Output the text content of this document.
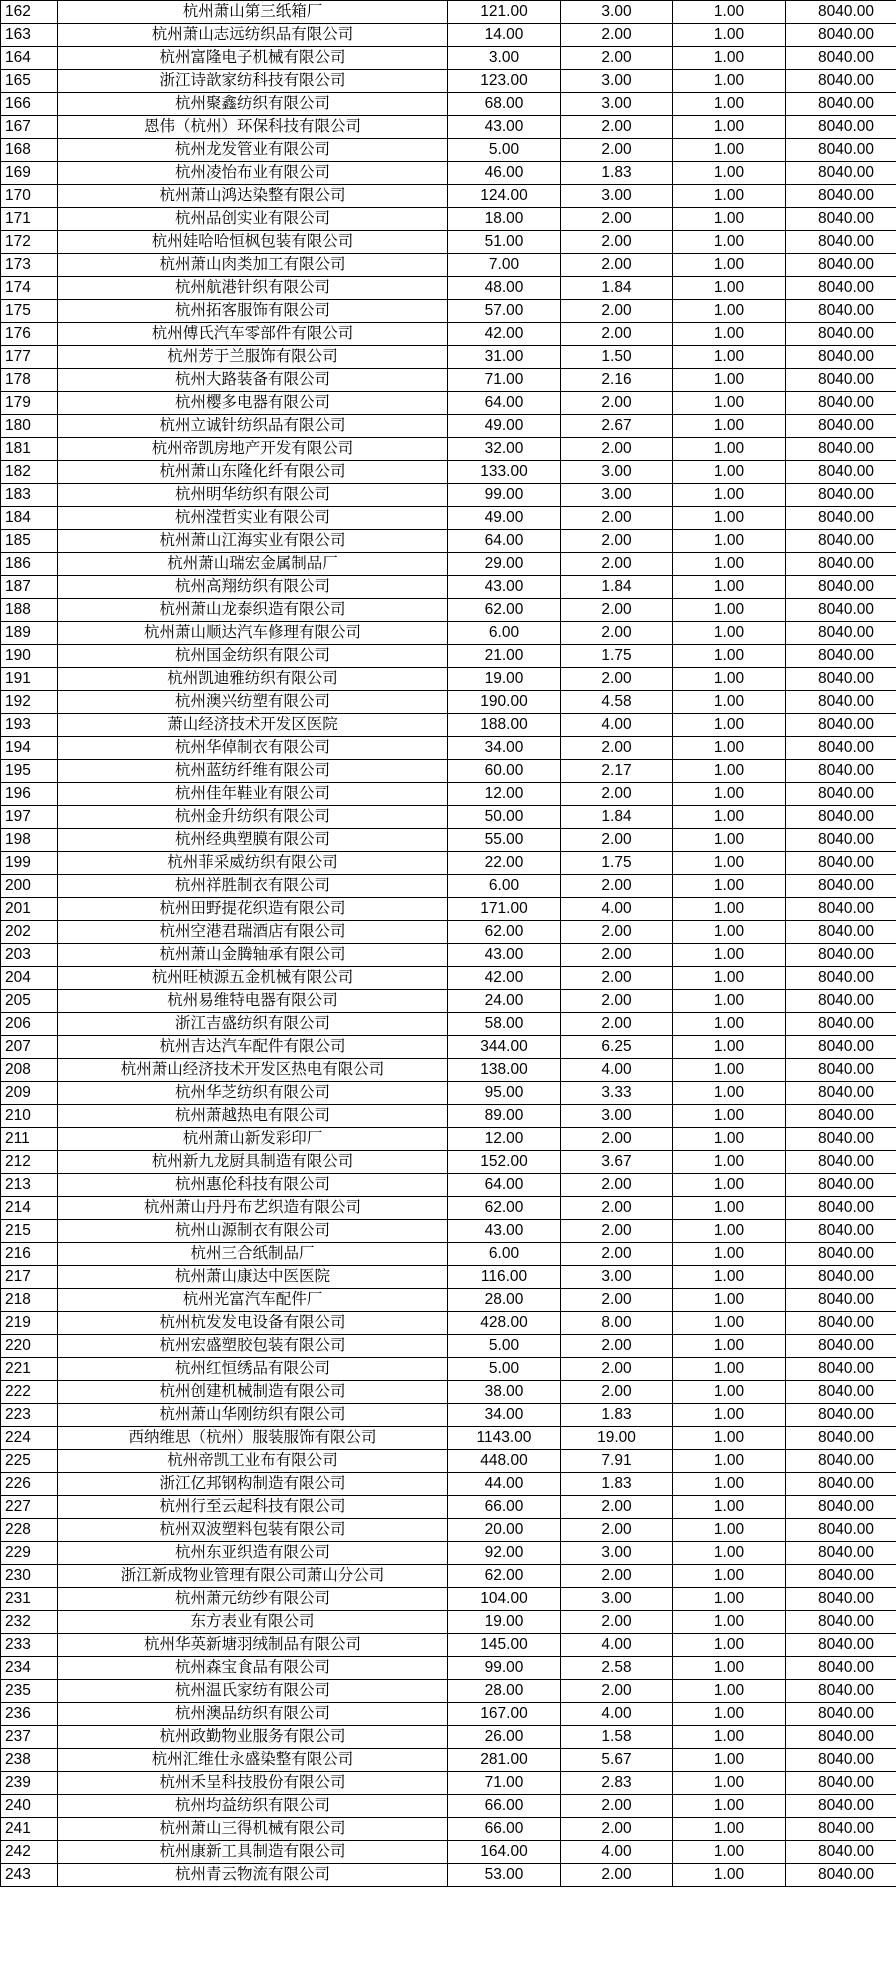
162	杭州萧山第三纸箱厂	121.00	3.00	1.00	8040.00
163	杭州萧山志远纺织品有限公司	14.00	2.00	1.00	8040.00
164	杭州富隆电子机械有限公司	3.00	2.00	1.00	8040.00
165	浙江诗歆家纺科技有限公司	123.00	3.00	1.00	8040.00
166	杭州聚鑫纺织有限公司	68.00	3.00	1.00	8040.00
167	恩伟（杭州）环保科技有限公司	43.00	2.00	1.00	8040.00
168	杭州龙发管业有限公司	5.00	2.00	1.00	8040.00
169	杭州凌怡布业有限公司	46.00	1.83	1.00	8040.00
170	杭州萧山鸿达染整有限公司	124.00	3.00	1.00	8040.00
171	杭州品创实业有限公司	18.00	2.00	1.00	8040.00
172	杭州娃哈哈恒枫包装有限公司	51.00	2.00	1.00	8040.00
173	杭州萧山肉类加工有限公司	7.00	2.00	1.00	8040.00
174	杭州航港针织有限公司	48.00	1.84	1.00	8040.00
175	杭州拓客服饰有限公司	57.00	2.00	1.00	8040.00
176	杭州傅氏汽车零部件有限公司	42.00	2.00	1.00	8040.00
177	杭州芳于兰服饰有限公司	31.00	1.50	1.00	8040.00
178	杭州大路装备有限公司	71.00	2.16	1.00	8040.00
179	杭州樱多电器有限公司	64.00	2.00	1.00	8040.00
180	杭州立诚针纺织品有限公司	49.00	2.67	1.00	8040.00
181	杭州帝凯房地产开发有限公司	32.00	2.00	1.00	8040.00
182	杭州萧山东隆化纤有限公司	133.00	3.00	1.00	8040.00
183	杭州明华纺织有限公司	99.00	3.00	1.00	8040.00
184	杭州滢哲实业有限公司	49.00	2.00	1.00	8040.00
185	杭州萧山江海实业有限公司	64.00	2.00	1.00	8040.00
186	杭州萧山瑞宏金属制品厂	29.00	2.00	1.00	8040.00
187	杭州高翔纺织有限公司	43.00	1.84	1.00	8040.00
188	杭州萧山龙泰织造有限公司	62.00	2.00	1.00	8040.00
189	杭州萧山顺达汽车修理有限公司	6.00	2.00	1.00	8040.00
190	杭州国金纺织有限公司	21.00	1.75	1.00	8040.00
191	杭州凯迪雅纺织有限公司	19.00	2.00	1.00	8040.00
192	杭州澳兴纺塑有限公司	190.00	4.58	1.00	8040.00
193	萧山经济技术开发区医院	188.00	4.00	1.00	8040.00
194	杭州华倬制衣有限公司	34.00	2.00	1.00	8040.00
195	杭州蓝纺纤维有限公司	60.00	2.17	1.00	8040.00
196	杭州佳年鞋业有限公司	12.00	2.00	1.00	8040.00
197	杭州金升纺织有限公司	50.00	1.84	1.00	8040.00
198	杭州经典塑膜有限公司	55.00	2.00	1.00	8040.00
199	杭州菲采威纺织有限公司	22.00	1.75	1.00	8040.00
200	杭州祥胜制衣有限公司	6.00	2.00	1.00	8040.00
201	杭州田野提花织造有限公司	171.00	4.00	1.00	8040.00
202	杭州空港君瑞酒店有限公司	62.00	2.00	1.00	8040.00
203	杭州萧山金腾轴承有限公司	43.00	2.00	1.00	8040.00
204	杭州旺桢源五金机械有限公司	42.00	2.00	1.00	8040.00
205	杭州易维特电器有限公司	24.00	2.00	1.00	8040.00
206	浙江吉盛纺织有限公司	58.00	2.00	1.00	8040.00
207	杭州吉达汽车配件有限公司	344.00	6.25	1.00	8040.00
208	杭州萧山经济技术开发区热电有限公司	138.00	4.00	1.00	8040.00
209	杭州华芝纺织有限公司	95.00	3.33	1.00	8040.00
210	杭州萧越热电有限公司	89.00	3.00	1.00	8040.00
211	杭州萧山新发彩印厂	12.00	2.00	1.00	8040.00
212	杭州新九龙厨具制造有限公司	152.00	3.67	1.00	8040.00
213	杭州惠伦科技有限公司	64.00	2.00	1.00	8040.00
214	杭州萧山丹丹布艺织造有限公司	62.00	2.00	1.00	8040.00
215	杭州山源制衣有限公司	43.00	2.00	1.00	8040.00
216	杭州三合纸制品厂	6.00	2.00	1.00	8040.00
217	杭州萧山康达中医医院	116.00	3.00	1.00	8040.00
218	杭州光富汽车配件厂	28.00	2.00	1.00	8040.00
219	杭州杭发发电设备有限公司	428.00	8.00	1.00	8040.00
220	杭州宏盛塑胶包装有限公司	5.00	2.00	1.00	8040.00
221	杭州红恒绣品有限公司	5.00	2.00	1.00	8040.00
222	杭州创建机械制造有限公司	38.00	2.00	1.00	8040.00
223	杭州萧山华刚纺织有限公司	34.00	1.83	1.00	8040.00
224	西纳维思（杭州）服装服饰有限公司	1143.00	19.00	1.00	8040.00
225	杭州帝凯工业布有限公司	448.00	7.91	1.00	8040.00
226	浙江亿邦钢构制造有限公司	44.00	1.83	1.00	8040.00
227	杭州行至云起科技有限公司	66.00	2.00	1.00	8040.00
228	杭州双波塑料包装有限公司	20.00	2.00	1.00	8040.00
229	杭州东亚织造有限公司	92.00	3.00	1.00	8040.00
230	浙江新成物业管理有限公司萧山分公司	62.00	2.00	1.00	8040.00
231	杭州萧元纺纱有限公司	104.00	3.00	1.00	8040.00
232	东方表业有限公司	19.00	2.00	1.00	8040.00
233	杭州华英新塘羽绒制品有限公司	145.00	4.00	1.00	8040.00
234	杭州森宝食品有限公司	99.00	2.58	1.00	8040.00
235	杭州温氏家纺有限公司	28.00	2.00	1.00	8040.00
236	杭州澳品纺织有限公司	167.00	4.00	1.00	8040.00
237	杭州政勤物业服务有限公司	26.00	1.58	1.00	8040.00
238	杭州汇维仕永盛染整有限公司	281.00	5.67	1.00	8040.00
239	杭州禾呈科技股份有限公司	71.00	2.83	1.00	8040.00
240	杭州均益纺织有限公司	66.00	2.00	1.00	8040.00
241	杭州萧山三得机械有限公司	66.00	2.00	1.00	8040.00
242	杭州康新工具制造有限公司	164.00	4.00	1.00	8040.00
243	杭州青云物流有限公司	53.00	2.00	1.00	8040.00
